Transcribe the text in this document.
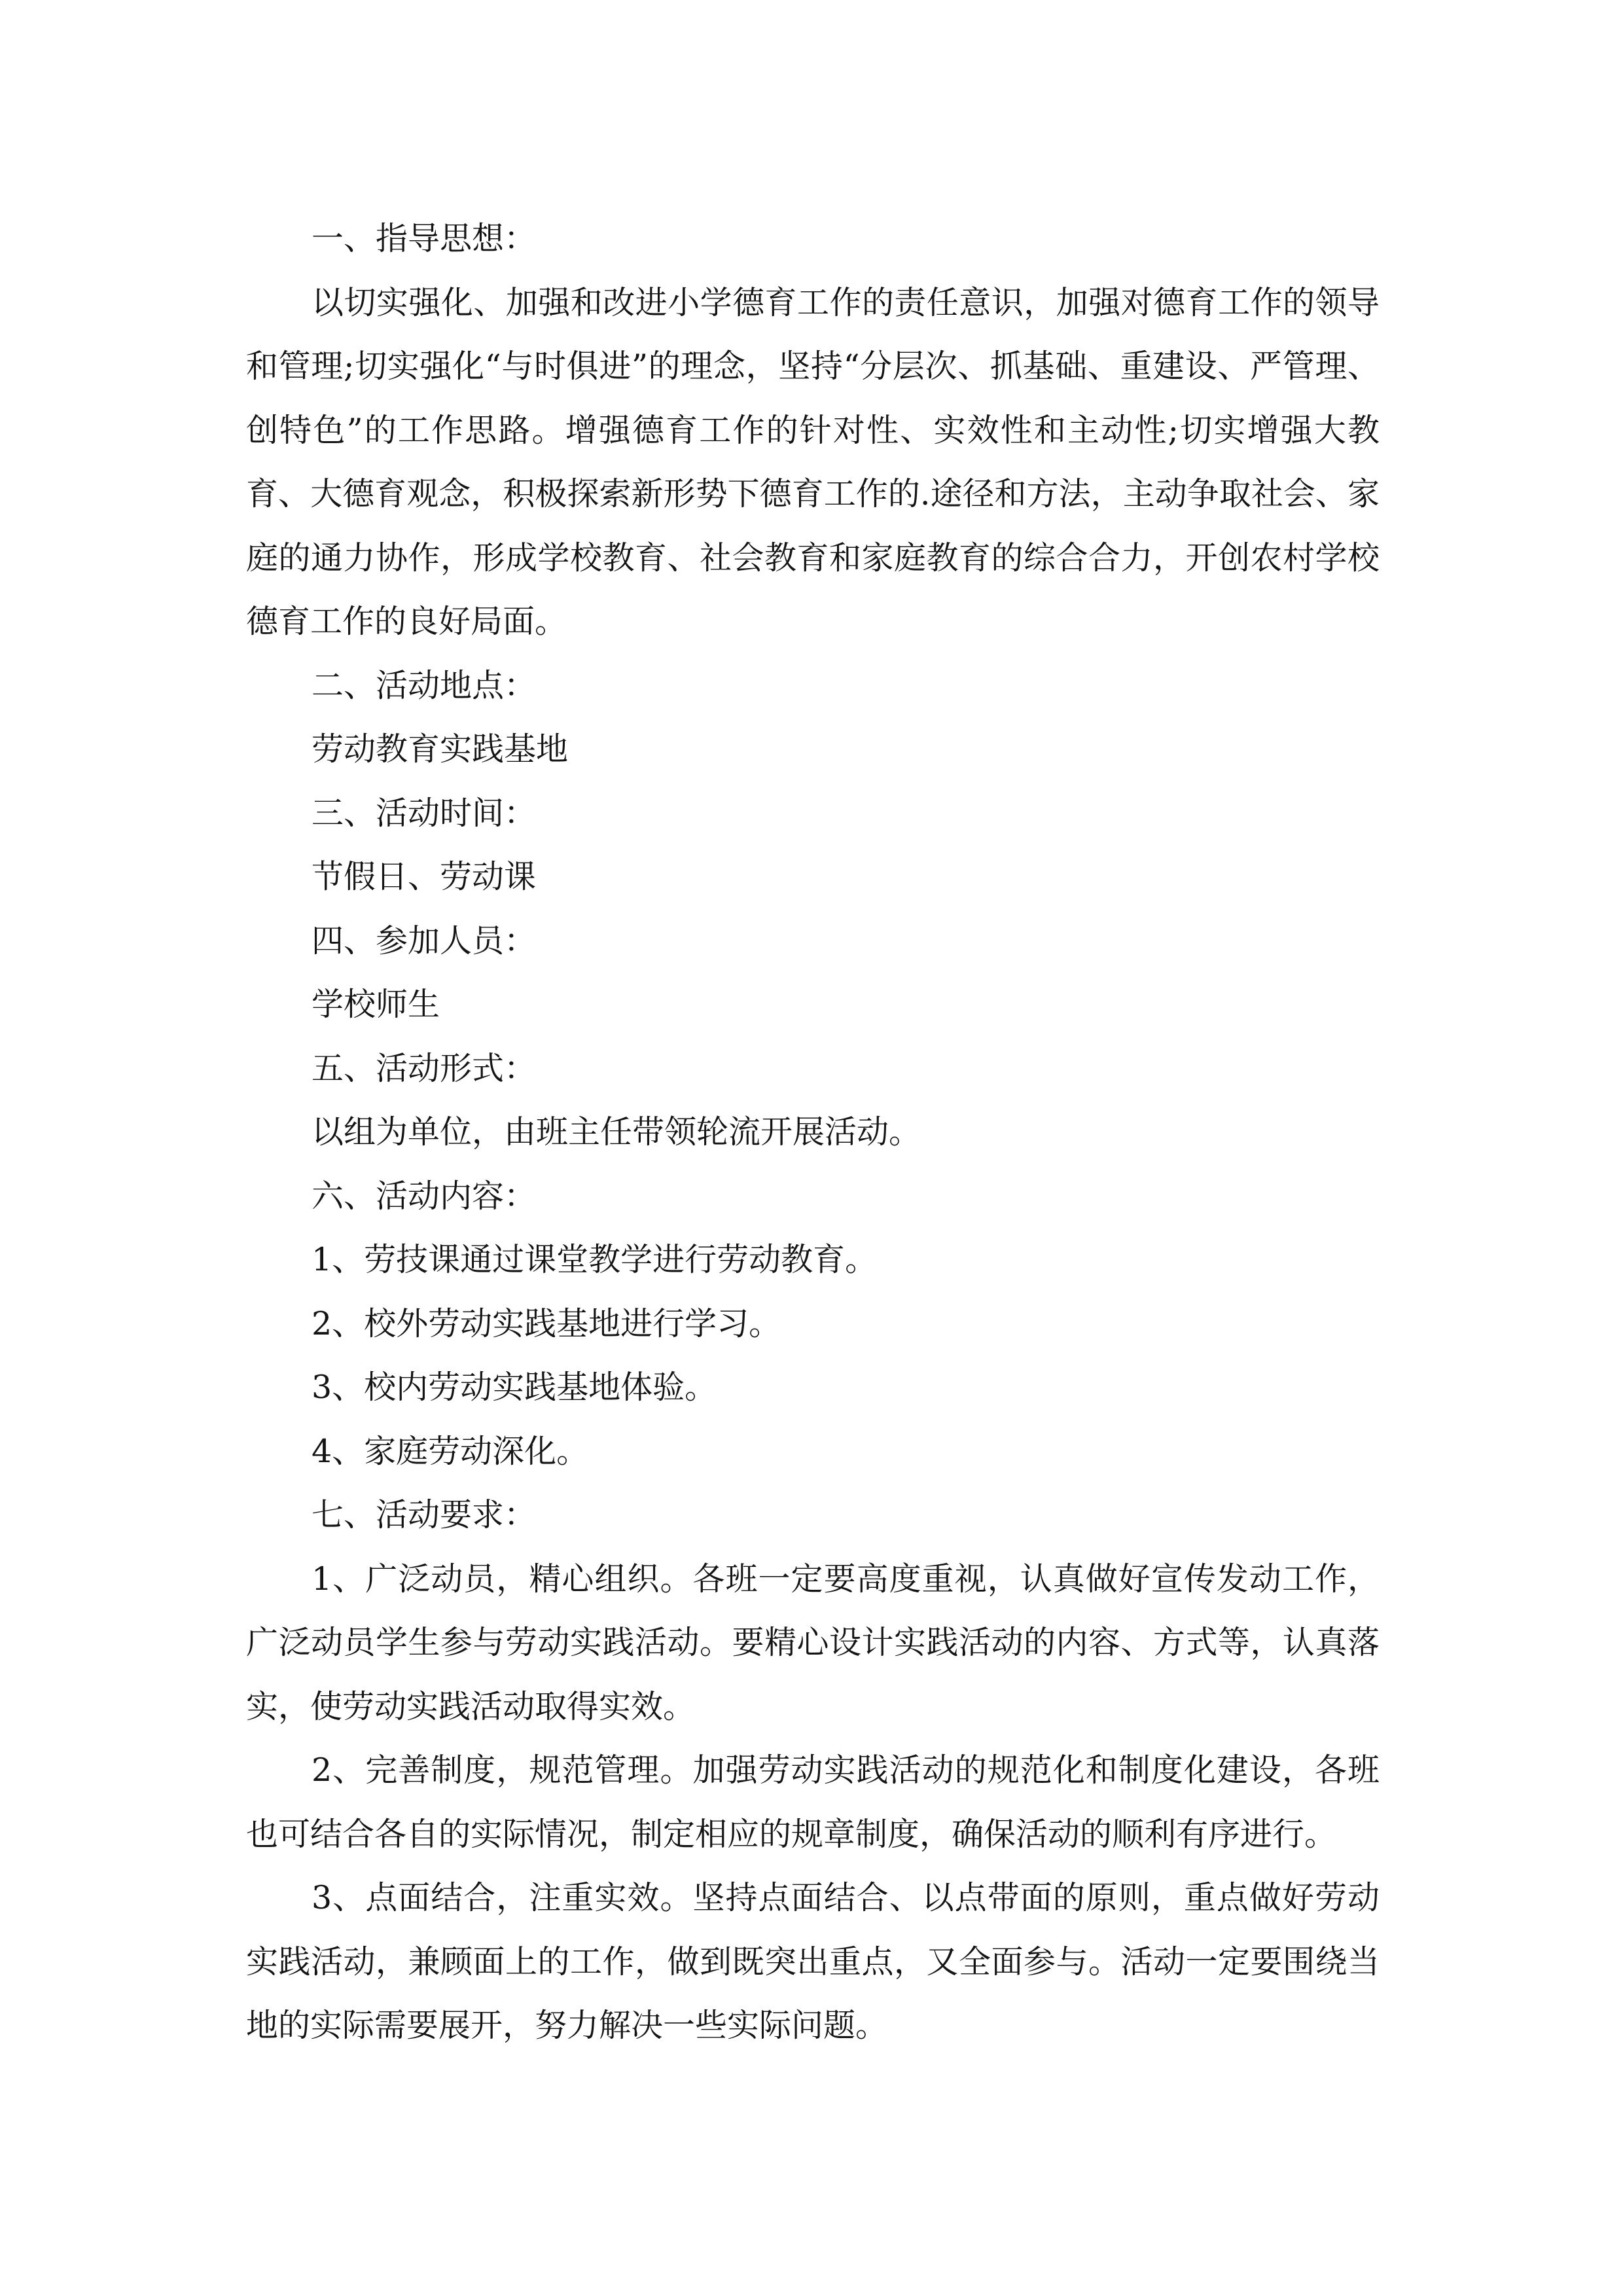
一、指导思想：

以切实强化、加强和改进小学德育工作的责任意识，加强对德育工作的领导和管理;切实强化“与时俱进”的理念，坚持“分层次、抓基础、重建设、严管理、创特色”的工作思路。增强德育工作的针对性、实效性和主动性;切实增强大教育、大德育观念，积极探索新形势下德育工作的.途径和方法，主动争取社会、家庭的通力协作，形成学校教育、社会教育和家庭教育的综合合力，开创农村学校德育工作的良好局面。

二、活动地点：

劳动教育实践基地

三、活动时间：

节假日、劳动课

四、参加人员：

学校师生

五、活动形式：

以组为单位，由班主任带领轮流开展活动。

六、活动内容：

1、劳技课通过课堂教学进行劳动教育。

2、校外劳动实践基地进行学习。

3、校内劳动实践基地体验。

4、家庭劳动深化。

七、活动要求：

1、广泛动员，精心组织。各班一定要高度重视，认真做好宣传发动工作，广泛动员学生参与劳动实践活动。要精心设计实践活动的内容、方式等，认真落实，使劳动实践活动取得实效。

2、完善制度，规范管理。加强劳动实践活动的规范化和制度化建设，各班也可结合各自的实际情况，制定相应的规章制度，确保活动的顺利有序进行。

3、点面结合，注重实效。坚持点面结合、以点带面的原则，重点做好劳动实践活动，兼顾面上的工作，做到既突出重点，又全面参与。活动一定要围绕当地的实际需要展开，努力解决一些实际问题。
